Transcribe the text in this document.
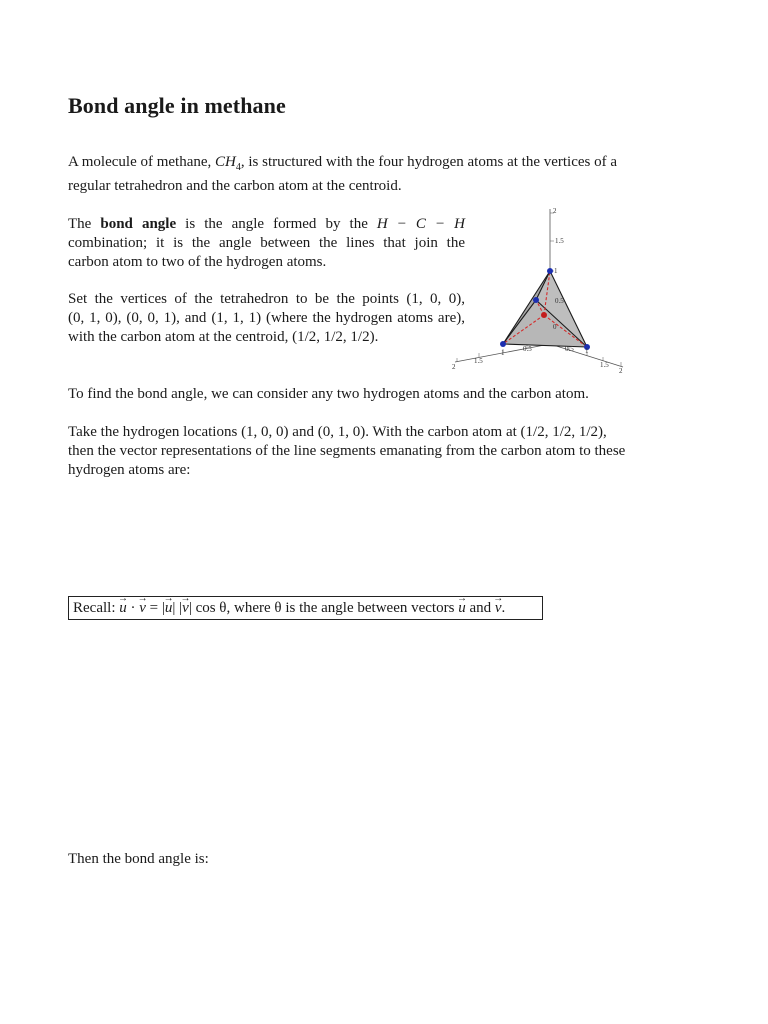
Bond angle in methane

A molecule of methane, $CH_4$, is structured with the four hydrogen atoms at the vertices of a
regular tetrahedron and the carbon atom at the centroid.

The bond angle is the angle formed by the H − C − H
combination; it is the angle between the lines that join the
carbon atom to two of the hydrogen atoms.

Set the vertices of the tetrahedron to be the points (1, 0, 0),
(0, 1, 0), (0, 0, 1), and (1, 1, 1) (where the hydrogen atoms are),
with the carbon atom at the centroid, (1/2, 1/2, 1/2).

2
1.5
1
0.5
0
2
1.5
1	0.5	0.5 1
1.5
2

To find the bond angle, we can consider any two hydrogen atoms and the carbon atom.

Take the hydrogen locations (1, 0, 0) and (0, 1, 0). With the carbon atom at (1/2, 1/2, 1/2),
then the vector representations of the line segments emanating from the carbon atom to these
hydrogen atoms are:

Recall: → u · → v = |→ u| |→ v| cos θ, where θ is the angle between vectors → u and → v.

Then the bond angle is:
